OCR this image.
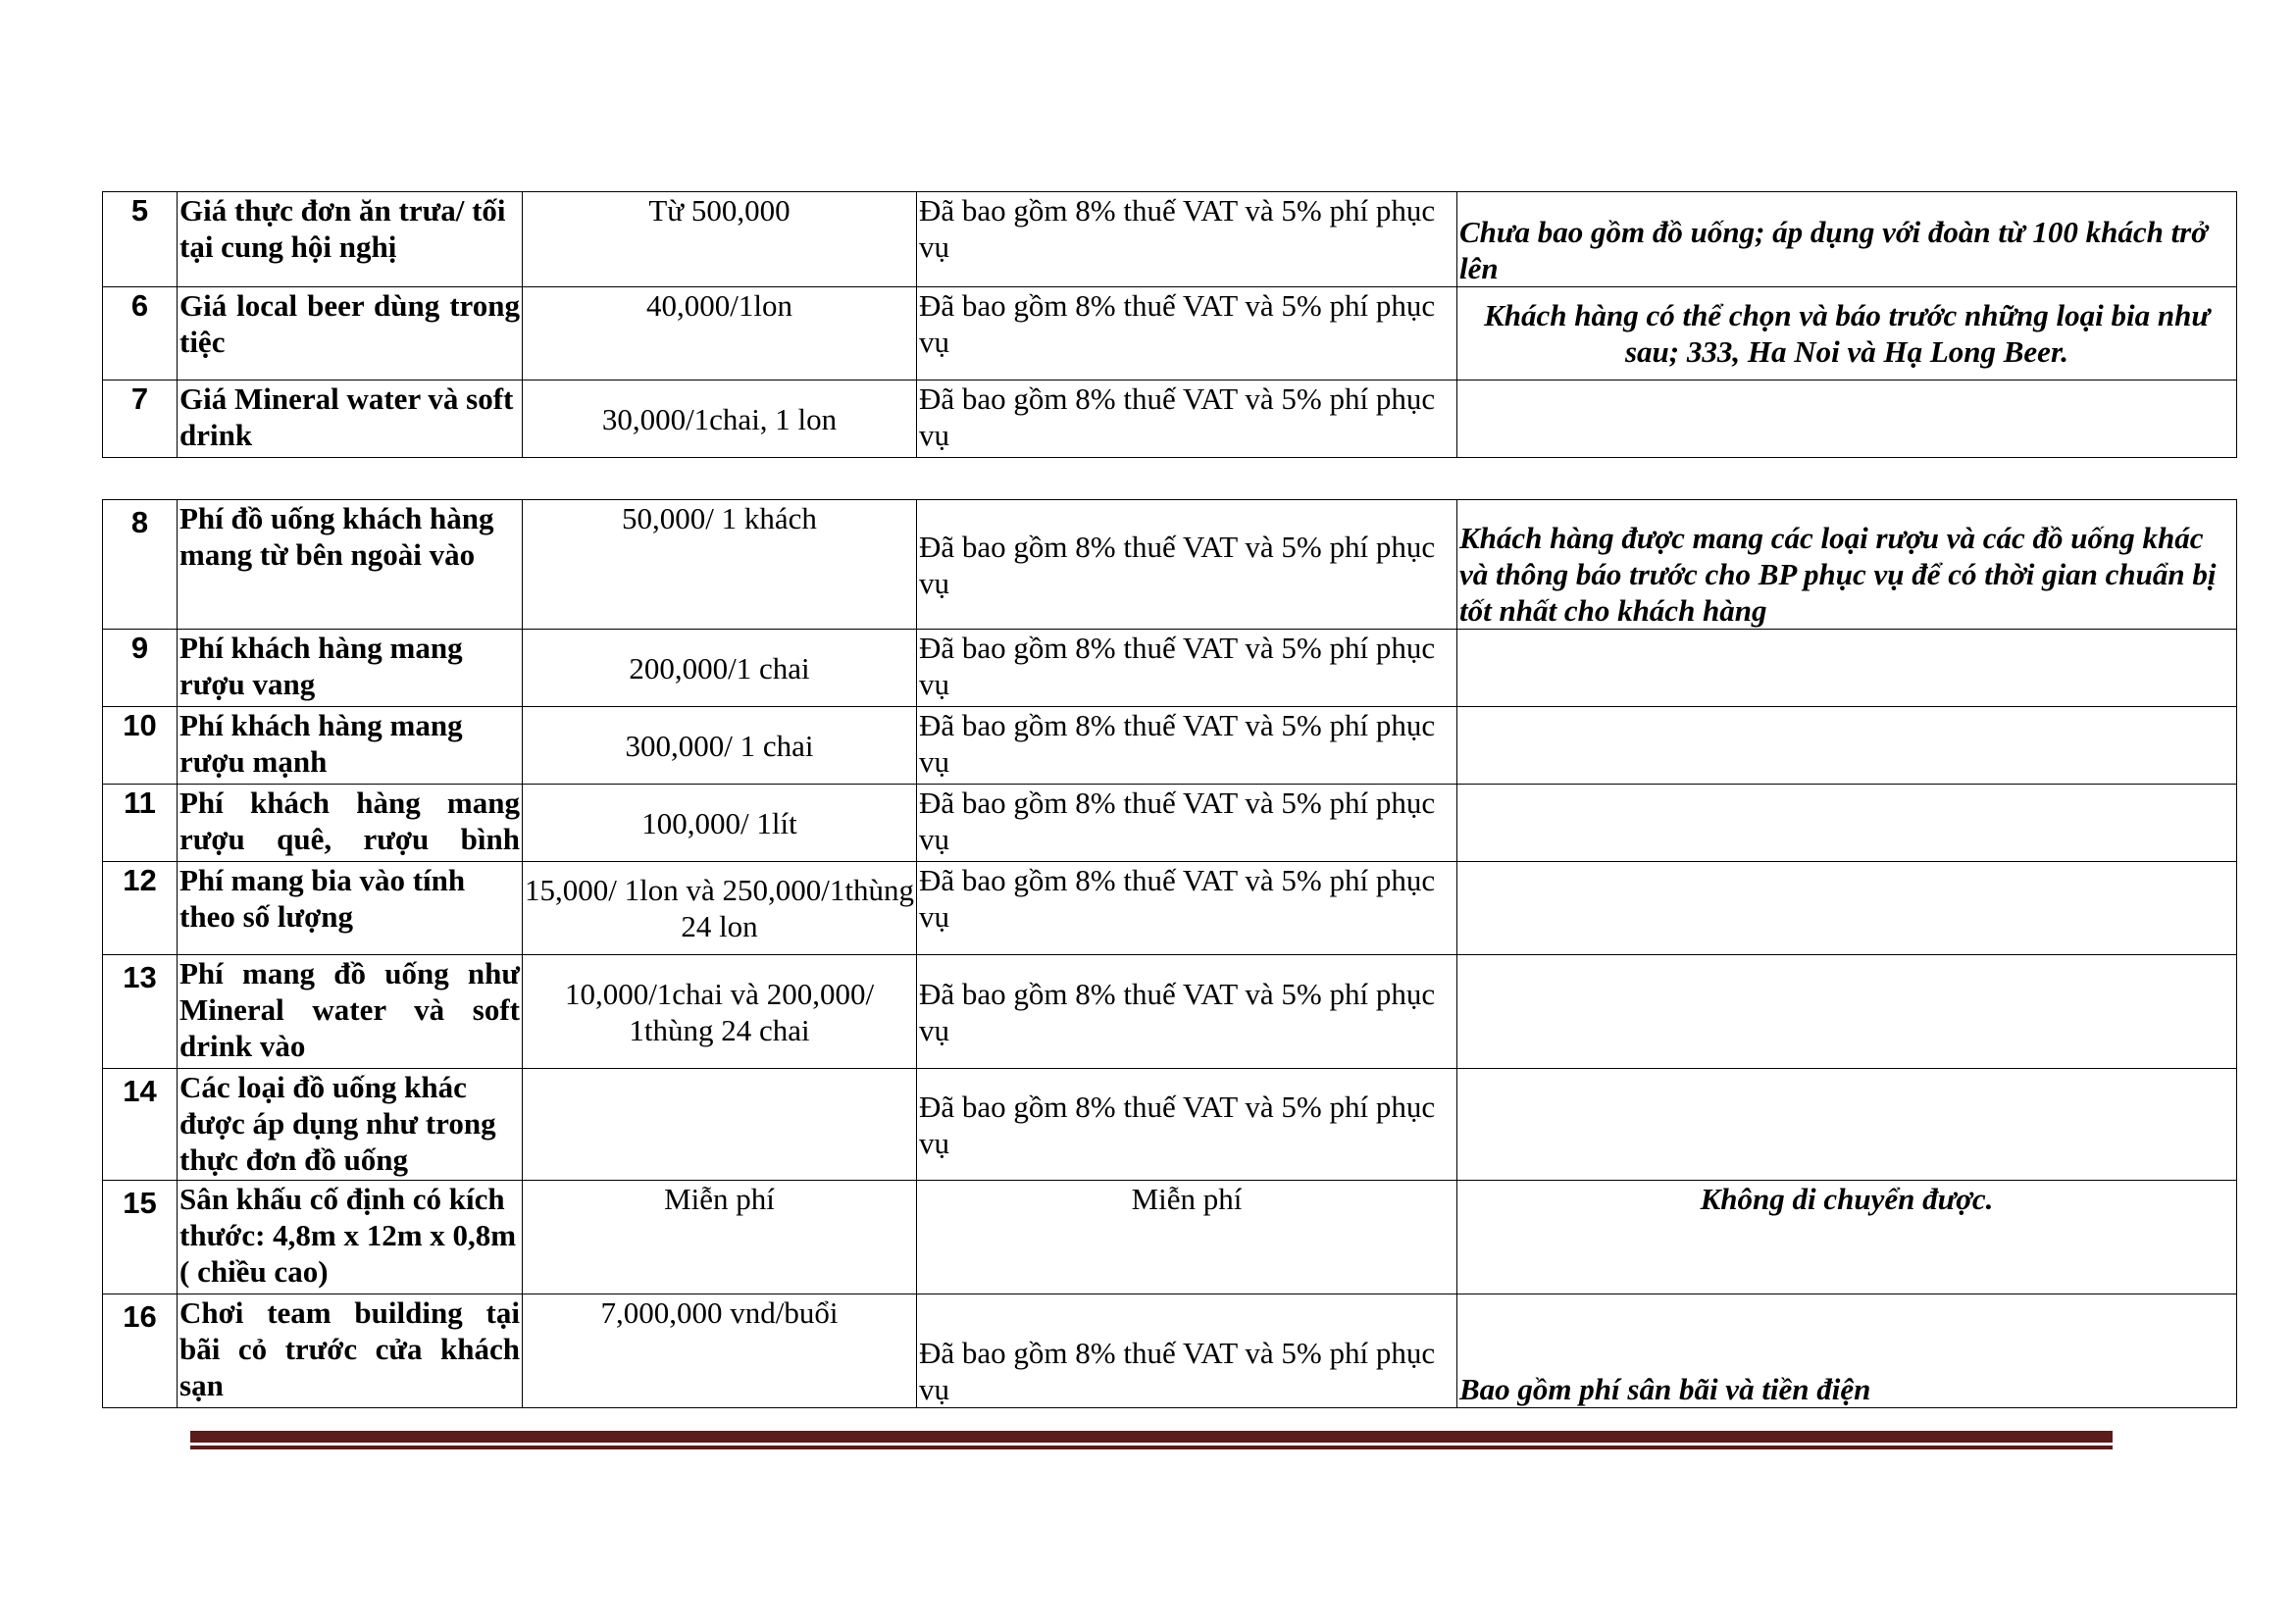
5	Giá thực đơn ăn trưa/ tối tại cung hội nghị	Từ 500,000	Đã bao gồm 8% thuế VAT và 5% phí phục vụ	Chưa bao gồm đồ uống; áp dụng với đoàn từ 100 khách trở lên
6	Giá local beer dùng trong tiệc	40,000/1lon	Đã bao gồm 8% thuế VAT và 5% phí phục vụ	Khách hàng có thể chọn và báo trước những loại bia như sau; 333, Ha Noi và Hạ Long Beer.
7	Giá Mineral water và soft drink	30,000/1chai, 1 lon	Đã bao gồm 8% thuế VAT và 5% phí phục vụ	
8	Phí đồ uống khách hàng mang từ bên ngoài vào	50,000/ 1 khách	Đã bao gồm 8% thuế VAT và 5% phí phục vụ	Khách hàng được mang các loại rượu và các đồ uống khác và thông báo trước cho BP phục vụ để có thời gian chuẩn bị tốt nhất cho khách hàng
9	Phí khách hàng mang rượu vang	200,000/1 chai	Đã bao gồm 8% thuế VAT và 5% phí phục vụ	
10	Phí khách hàng mang rượu mạnh	300,000/ 1 chai	Đã bao gồm 8% thuế VAT và 5% phí phục vụ	
11	Phí khách hàng mang rượu quê, rượu bình	100,000/ 1lít	Đã bao gồm 8% thuế VAT và 5% phí phục vụ	
12	Phí mang bia vào tính theo số lượng	15,000/ 1lon và 250,000/1thùng 24 lon	Đã bao gồm 8% thuế VAT và 5% phí phục vụ	
13	Phí mang đồ uống như Mineral water và soft drink vào	10,000/1chai và 200,000/ 1thùng 24 chai	Đã bao gồm 8% thuế VAT và 5% phí phục vụ	
14	Các loại đồ uống khác được áp dụng như trong thực đơn đồ uống		Đã bao gồm 8% thuế VAT và 5% phí phục vụ	
15	Sân khấu cố định có kích thước: 4,8m x 12m x 0,8m ( chiều cao)	Miễn phí	Miễn phí	Không di chuyển được.
16	Chơi team building tại bãi cỏ trước cửa khách sạn	7,000,000 vnd/buổi	Đã bao gồm 8% thuế VAT và 5% phí phục vụ	Bao gồm phí sân bãi và tiền điện
